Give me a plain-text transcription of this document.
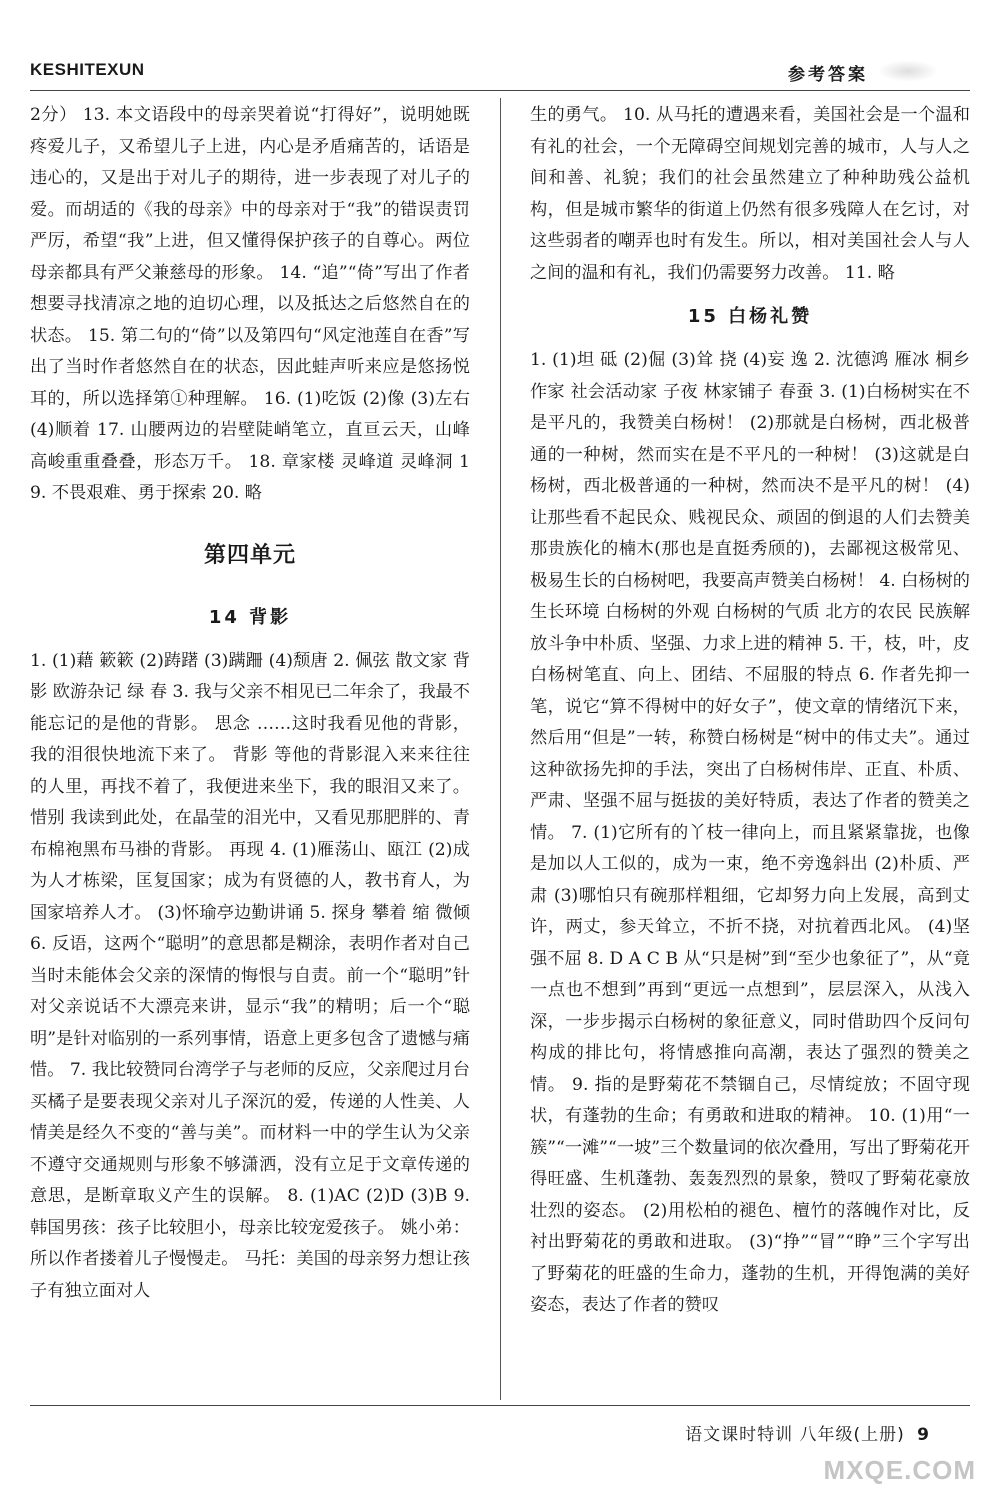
KESHITEXUN	参考答案

2分） 13. 本文语段中的母亲哭着说“打得好”，说明她既疼爱儿子，又希望儿子上进，内心是矛盾痛苦的，话语是违心的，又是出于对儿子的期待，进一步表现了对儿子的爱。而胡适的《我的母亲》中的母亲对于“我”的错误责罚严厉，希望“我”上进，但又懂得保护孩子的自尊心。两位母亲都具有严父兼慈母的形象。 14. “追”“倚”写出了作者想要寻找清凉之地的迫切心理，以及抵达之后悠然自在的状态。 15. 第二句的“倚”以及第四句“风定池莲自在香”写出了当时作者悠然自在的状态，因此蛙声听来应是悠扬悦耳的，所以选择第①种理解。 16. (1)吃饭 (2)像 (3)左右 (4)顺着 17. 山腰两边的岩壁陡峭笔立，直亘云天，山峰高峻重重叠叠，形态万千。 18. 章家楼 灵峰道 灵峰洞 19. 不畏艰难、勇于探索 20. 略

第四单元
14 背影

1. (1)藉 簌簌 (2)踌躇 (3)蹒跚 (4)颓唐 2. 佩弦 散文家 背影 欧游杂记 绿 春 3. 我与父亲不相见已二年余了，我最不能忘记的是他的背影。 思念 ……这时我看见他的背影，我的泪很快地流下来了。 背影 等他的背影混入来来往往的人里，再找不着了，我便进来坐下，我的眼泪又来了。 惜别 我读到此处，在晶莹的泪光中，又看见那肥胖的、青布棉袍黑布马褂的背影。 再现 4. (1)雁荡山、瓯江 (2)成为人才栋梁，匡复国家；成为有贤德的人，教书育人，为国家培养人才。 (3)怀瑜亭边勤讲诵 5. 探身 攀着 缩 微倾 6. 反语，这两个“聪明”的意思都是糊涂，表明作者对自己当时未能体会父亲的深情的悔恨与自责。前一个“聪明”针对父亲说话不大漂亮来讲，显示“我”的精明；后一个“聪明”是针对临别的一系列事情，语意上更多包含了遗憾与痛惜。 7. 我比较赞同台湾学子与老师的反应，父亲爬过月台买橘子是要表现父亲对儿子深沉的爱，传递的人性美、人情美是经久不变的“善与美”。而材料一中的学生认为父亲不遵守交通规则与形象不够潇洒，没有立足于文章传递的意思，是断章取义产生的误解。 8. (1)AC (2)D (3)B 9. 韩国男孩：孩子比较胆小，母亲比较宠爱孩子。 姚小弟：所以作者搂着儿子慢慢走。 马托：美国的母亲努力想让孩子有独立面对人

生的勇气。 10. 从马托的遭遇来看，美国社会是一个温和有礼的社会，一个无障碍空间规划完善的城市，人与人之间和善、礼貌；我们的社会虽然建立了种种助残公益机构，但是城市繁华的街道上仍然有很多残障人在乞讨，对这些弱者的嘲弄也时有发生。所以，相对美国社会人与人之间的温和有礼，我们仍需要努力改善。 11. 略

15 白杨礼赞

1. (1)坦 砥 (2)倔 (3)耸 挠 (4)妄 逸 2. 沈德鸿 雁冰 桐乡 作家 社会活动家 子夜 林家铺子 春蚕 3. (1)白杨树实在不是平凡的，我赞美白杨树！ (2)那就是白杨树，西北极普通的一种树，然而实在是不平凡的一种树！ (3)这就是白杨树，西北极普通的一种树，然而决不是平凡的树！ (4)让那些看不起民众、贱视民众、顽固的倒退的人们去赞美那贵族化的楠木(那也是直挺秀颀的)，去鄙视这极常见、极易生长的白杨树吧，我要高声赞美白杨树！ 4. 白杨树的生长环境 白杨树的外观 白杨树的气质 北方的农民 民族解放斗争中朴质、坚强、力求上进的精神 5. 干，枝，叶，皮 白杨树笔直、向上、团结、不屈服的特点 6. 作者先抑一笔，说它“算不得树中的好女子”，使文章的情绪沉下来，然后用“但是”一转，称赞白杨树是“树中的伟丈夫”。通过这种欲扬先抑的手法，突出了白杨树伟岸、正直、朴质、严肃、坚强不屈与挺拔的美好特质，表达了作者的赞美之情。 7. (1)它所有的丫枝一律向上，而且紧紧靠拢，也像是加以人工似的，成为一束，绝不旁逸斜出 (2)朴质、严肃 (3)哪怕只有碗那样粗细，它却努力向上发展，高到丈许，两丈，参天耸立，不折不挠，对抗着西北风。 (4)坚强不屈 8. D A C B 从“只是树”到“至少也象征了”，从“竟一点也不想到”再到“更远一点想到”，层层深入，从浅入深，一步步揭示白杨树的象征意义，同时借助四个反问句构成的排比句，将情感推向高潮，表达了强烈的赞美之情。 9. 指的是野菊花不禁锢自己，尽情绽放；不固守现状，有蓬勃的生命；有勇敢和进取的精神。 10. (1)用“一簇”“一滩”“一坡”三个数量词的依次叠用，写出了野菊花开得旺盛、生机蓬勃、轰轰烈烈的景象，赞叹了野菊花豪放壮烈的姿态。 (2)用松柏的褪色、檀竹的落魄作对比，反衬出野菊花的勇敢和进取。 (3)“挣”“冒”“睁”三个字写出了野菊花的旺盛的生命力，蓬勃的生机，开得饱满的美好姿态，表达了作者的赞叹

语文课时特训 八年级(上册) 9
MXQE.COM
